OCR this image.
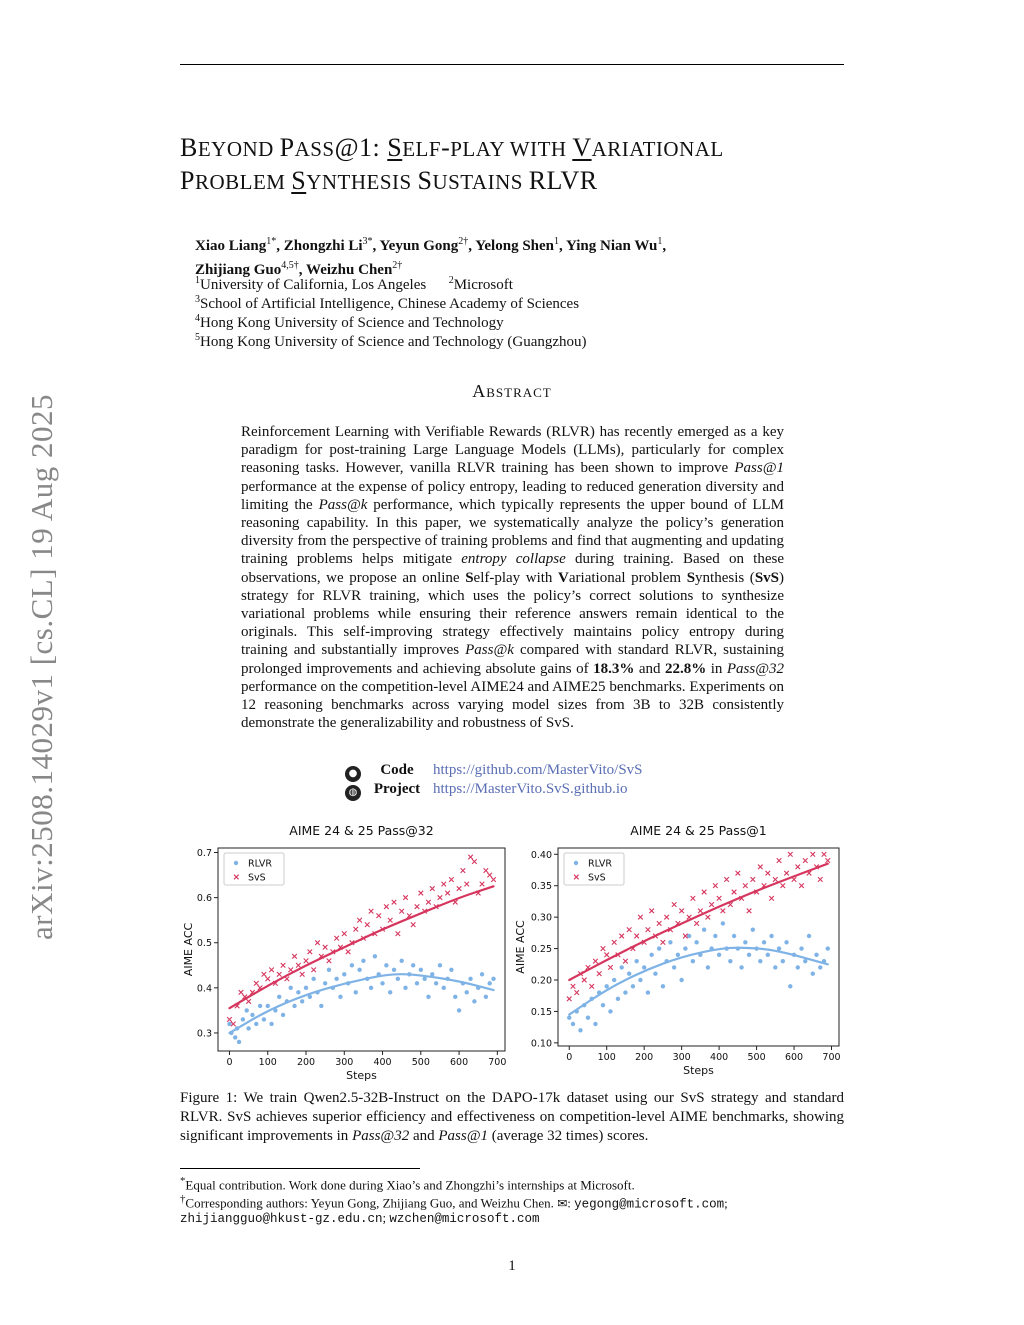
arXiv:2508.14029v1 [cs.CL] 19 Aug 2025
BEYOND PASS@1: SELF-PLAY WITH VARIATIONAL
PROBLEM SYNTHESIS SUSTAINS RLVR
Xiao Liang$^{1*}$, Zhongzhi $Li^{3*}$, Yeyun Gong$^{2\dagger}$, Yelong Shen$^1$, Ying Nian Wu$^1$,
Zhijiang Guo$^{4,5\dagger}$, Weizhu Chen$^{2\dagger}$
$^1$University of California, Los Angeles $^2$Microsoft
$^3$School of Artificial Intelligence, Chinese Academy of Sciences
$^4$Hong Kong University of Science and Technology
$^5$Hong Kong University of Science and Technology (Guangzhou)
Abstract
Reinforcement Learning with Verifiable Rewards (RLVR) has recently emerged as a key paradigm for post-training Large Language Models (LLMs), particularly for complex reasoning tasks. However, vanilla RLVR training has been shown to improve Pass@1 performance at the expense of policy entropy, leading to reduced generation diversity and limiting the Pass@k performance, which typically represents the upper bound of LLM reasoning capability. In this paper, we systematically analyze the policy’s generation diversity from the perspective of training problems and find that augmenting and updating training problems helps mitigate entropy collapse during training. Based on these observations, we propose an online Self-play with Variational problem Synthesis (SvS) strategy for RLVR training, which uses the policy’s correct solutions to synthesize variational problems while ensuring their reference answers remain identical to the originals. This self-improving strategy effectively maintains policy entropy during training and substantially improves Pass@k compared with standard RLVR, sustaining prolonged improvements and achieving absolute gains of 18.3% and 22.8% in Pass@32 performance on the competition-level AIME24 and AIME25 benchmarks. Experiments on 12 reasoning benchmarks across varying model sizes from 3B to 32B consistently demonstrate the generalizability and robustness of SvS.
● Code https://github.com/MasterVito/SvS
◍ Project https://MasterVito.SvS.github.io
AIME 24 & 25 Pass@32
0	100 200 300 400 500 600 700
0.3
0.4
0.5
0.6
0.7
Steps
AIME ACC
RLVR
SvS
AIME 24 & 25 Pass@1
0	100 200 300 400 500 600 700
0.10
0.15
0.20
0.25
0.30
0.35
0.40
Steps
AIME ACC
RLVR
SvS
Figure 1: We train Qwen2.5-32B-Instruct on the DAPO-17k dataset using our SvS strategy and standard RLVR. SvS achieves superior efficiency and effectiveness on competition-level AIME benchmarks, showing significant improvements in Pass@32 and Pass@1 (average 32 times) scores.
*Equal contribution. Work done during Xiao’s and Zhongzhi’s internships at Microsoft.
†Corresponding authors: Yeyun Gong, Zhijiang Guo, and Weizhu Chen. ✉: yegong@microsoft.com;
zhijiangguo@hkust-gz.edu.cn; wzchen@microsoft.com
1
